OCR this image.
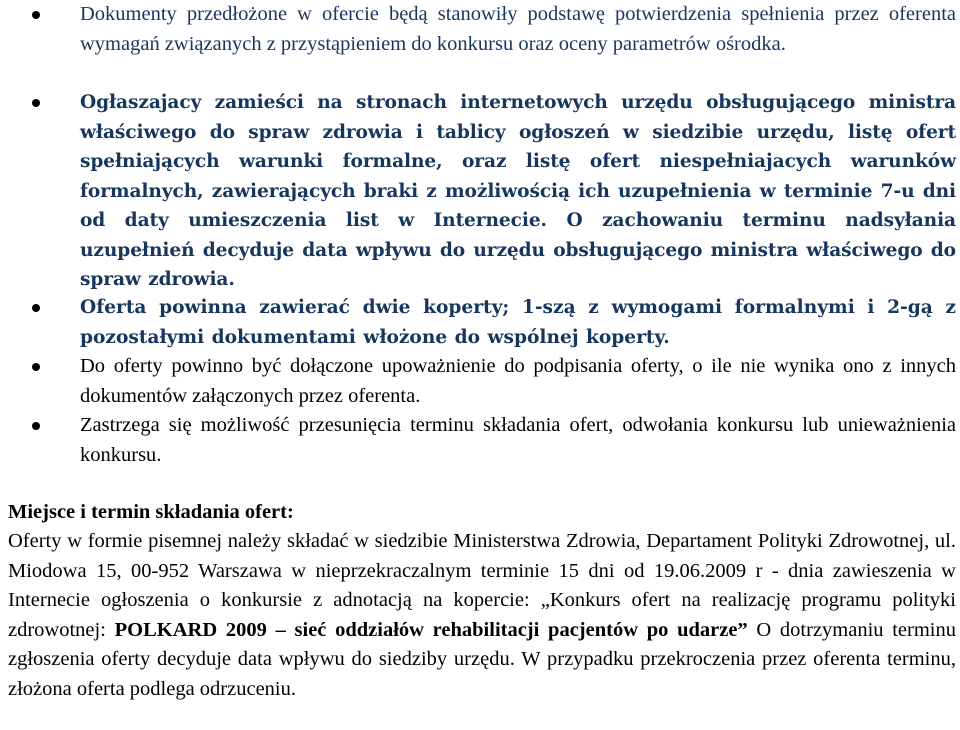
Dokumenty przedłożone w ofercie będą stanowiły podstawę potwierdzenia spełnienia przez oferenta wymagań związanych z przystąpieniem do konkursu oraz oceny parametrów ośrodka.
Ogłaszajacy zamieści na stronach internetowych urzędu obsługującego ministra właściwego do spraw zdrowia i tablicy ogłoszeń w siedzibie urzędu, listę ofert spełniających warunki formalne, oraz listę ofert niespełniajacych warunków formalnych, zawierających braki z możliwością ich uzupełnienia w terminie 7-u dni od daty umieszczenia list w Internecie. O zachowaniu terminu nadsyłania uzupełnień decyduje data wpływu do urzędu obsługującego ministra właściwego do spraw zdrowia.
Oferta powinna zawierać dwie koperty; 1-szą z wymogami formalnymi i 2-gą z pozostałymi dokumentami włożone do wspólnej koperty.
Do oferty powinno być dołączone upoważnienie do podpisania oferty, o ile nie wynika ono z innych dokumentów załączonych przez oferenta.
Zastrzega się możliwość przesunięcia terminu składania ofert, odwołania konkursu lub unieważnienia konkursu.
Miejsce i termin składania ofert:
Oferty w formie pisemnej należy składać w siedzibie Ministerstwa Zdrowia, Departament Polityki Zdrowotnej, ul. Miodowa 15, 00-952 Warszawa w nieprzekraczalnym terminie 15 dni od 19.06.2009 r - dnia zawieszenia w Internecie ogłoszenia o konkursie z adnotacją na kopercie: „Konkurs ofert na realizację programu polityki zdrowotnej: POLKARD 2009 – sieć oddziałów rehabilitacji pacjentów po udarze” O dotrzymaniu terminu zgłoszenia oferty decyduje data wpływu do siedziby urzędu. W przypadku przekroczenia przez oferenta terminu, złożona oferta podlega odrzuceniu.
